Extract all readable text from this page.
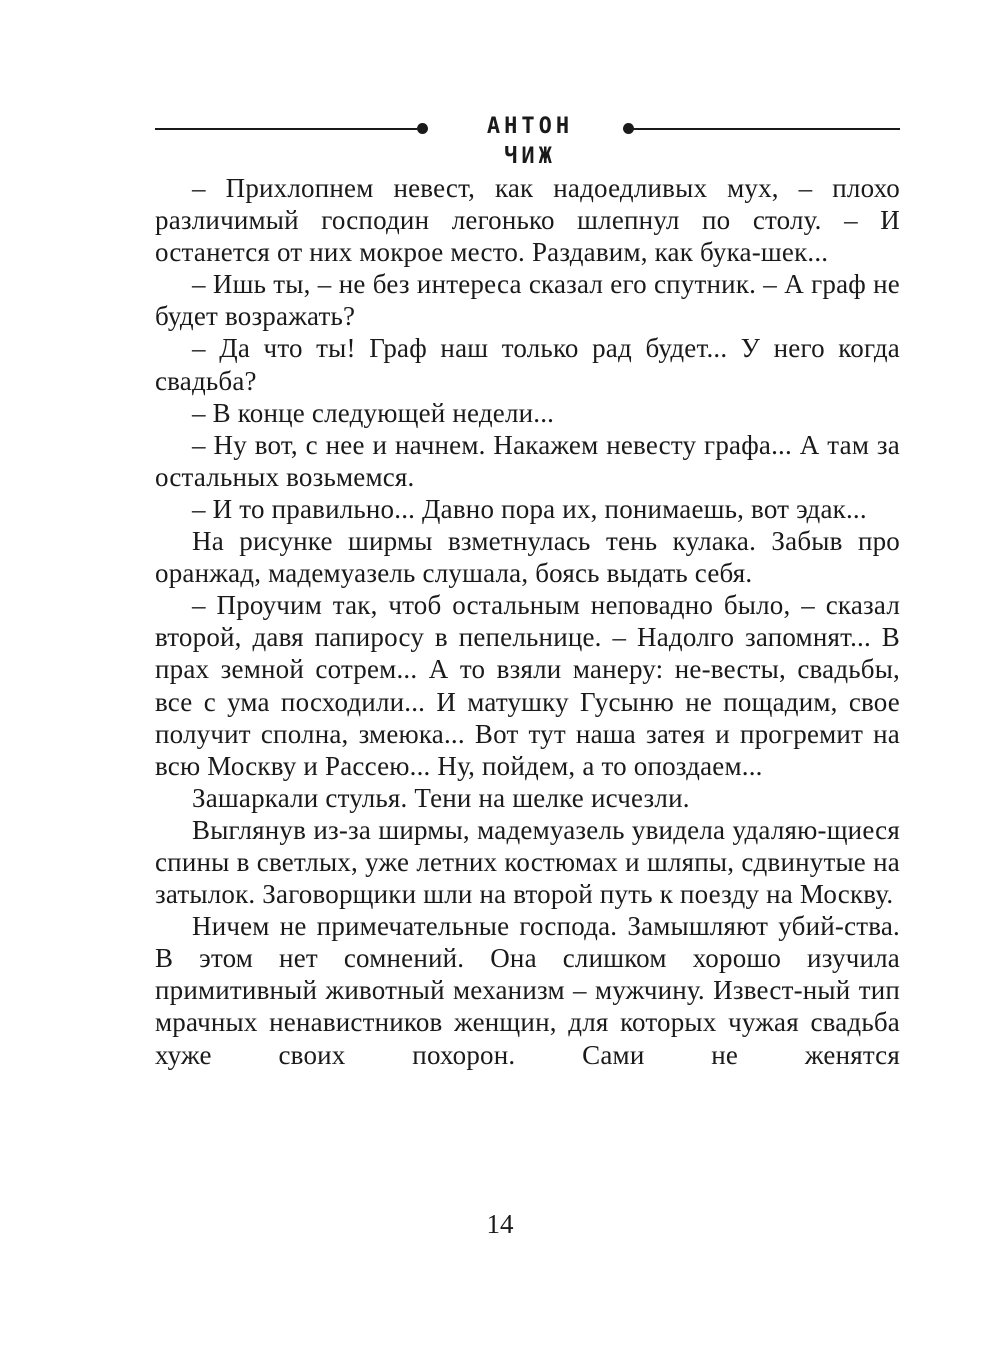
АНТОН ЧИЖ

– Прихлопнем невест, как надоедливых мух, – плохо различимый господин легонько шлепнул по столу. – И останется от них мокрое место. Раздавим, как бука-шек...

– Ишь ты, – не без интереса сказал его спутник. – А граф не будет возражать?

– Да что ты! Граф наш только рад будет... У него когда свадьба?

– В конце следующей недели...

– Ну вот, с нее и начнем. Накажем невесту графа... А там за остальных возьмемся.

– И то правильно... Давно пора их, понимаешь, вот эдак...

На рисунке ширмы взметнулась тень кулака. Забыв про оранжад, мадемуазель слушала, боясь выдать себя.

– Проучим так, чтоб остальным неповадно было, – сказал второй, давя папиросу в пепельнице. – Надолго запомнят... В прах земной сотрем... А то взяли манеру: не-весты, свадьбы, все с ума посходили... И матушку Гусыню не пощадим, свое получит сполна, змеюка... Вот тут наша затея и прогремит на всю Москву и Рассею... Ну, пойдем, а то опоздаем...

Зашаркали стулья. Тени на шелке исчезли.

Выглянув из-за ширмы, мадемуазель увидела удаляю-щиеся спины в светлых, уже летних костюмах и шляпы, сдвинутые на затылок. Заговорщики шли на второй путь к поезду на Москву.

Ничем не примечательные господа. Замышляют убий-ства. В этом нет сомнений. Она слишком хорошо изучила примитивный животный механизм – мужчину. Извест-ный тип мрачных ненавистников женщин, для которых чужая свадьба хуже своих похорон. Сами не женятся

14
